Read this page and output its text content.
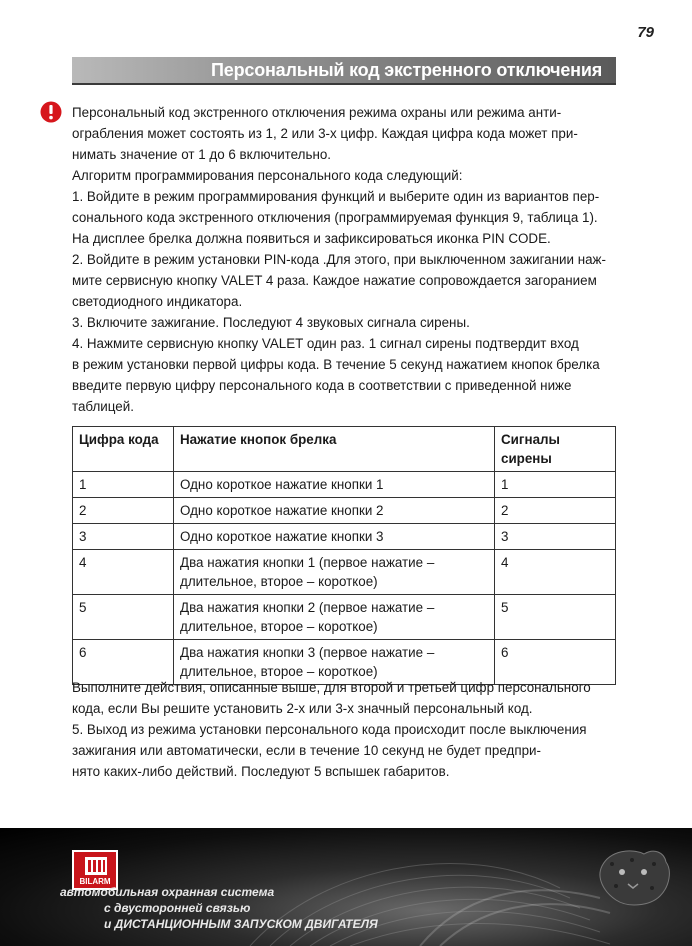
79
Персональный код экстренного отключения

Персональный код экстренного отключения режима охраны или режима анти-

ограбления может состоять из 1, 2 или 3-х цифр. Каждая цифра кода может при-

нимать значение от 1 до 6 включительно.

Алгоритм программирования персонального кода следующий:

1. Войдите в режим программирования функций и выберите один из вариантов пер-

сонального кода экстренного отключения (программируемая функция 9, таблица 1).

На дисплее брелка должна появиться и зафиксироваться иконка PIN CODE.

2. Войдите в режим установки PIN-кода .Для этого, при выключенном зажигании наж-

мите сервисную кнопку VALET 4 раза. Каждое нажатие сопровождается загоранием

светодиодного индикатора.

3. Включите зажигание. Последуют 4 звуковых сигнала сирены.

4. Нажмите сервисную кнопку VALET один раз. 1 сигнал сирены подтвердит вход

в режим установки первой цифры кода. В течение 5 секунд нажатием кнопок брелка

введите первую цифру персонального кода в соответствии с приведенной ниже

таблицей.

Цифра кода	Нажатие кнопок брелка	Сигналы сирены
1	Одно короткое нажатие кнопки 1	1
2	Одно короткое нажатие кнопки 2	2
3	Одно короткое нажатие кнопки 3	3
4	Два нажатия кнопки 1 (первое нажатие –
длительное, второе – короткое)	4
5	Два нажатия кнопки 2 (первое нажатие –
длительное, второе – короткое)	5
6	Два нажатия кнопки 3 (первое нажатие –
длительное, второе – короткое)	6

Выполните действия, описанные выше, для второй и третьей цифр персонального

кода, если Вы решите установить 2-х или 3-х значный персональный код.

5. Выход из режима установки персонального кода происходит после выключения

зажигания или автоматически, если в течение 10 секунд не будет предпри-

нято каких-либо действий. Последуют 5 вспышек габаритов.

BILARM
автомобильная охранная система
с двусторонней связью
и ДИСТАНЦИОННЫМ ЗАПУСКОМ ДВИГАТЕЛЯ
